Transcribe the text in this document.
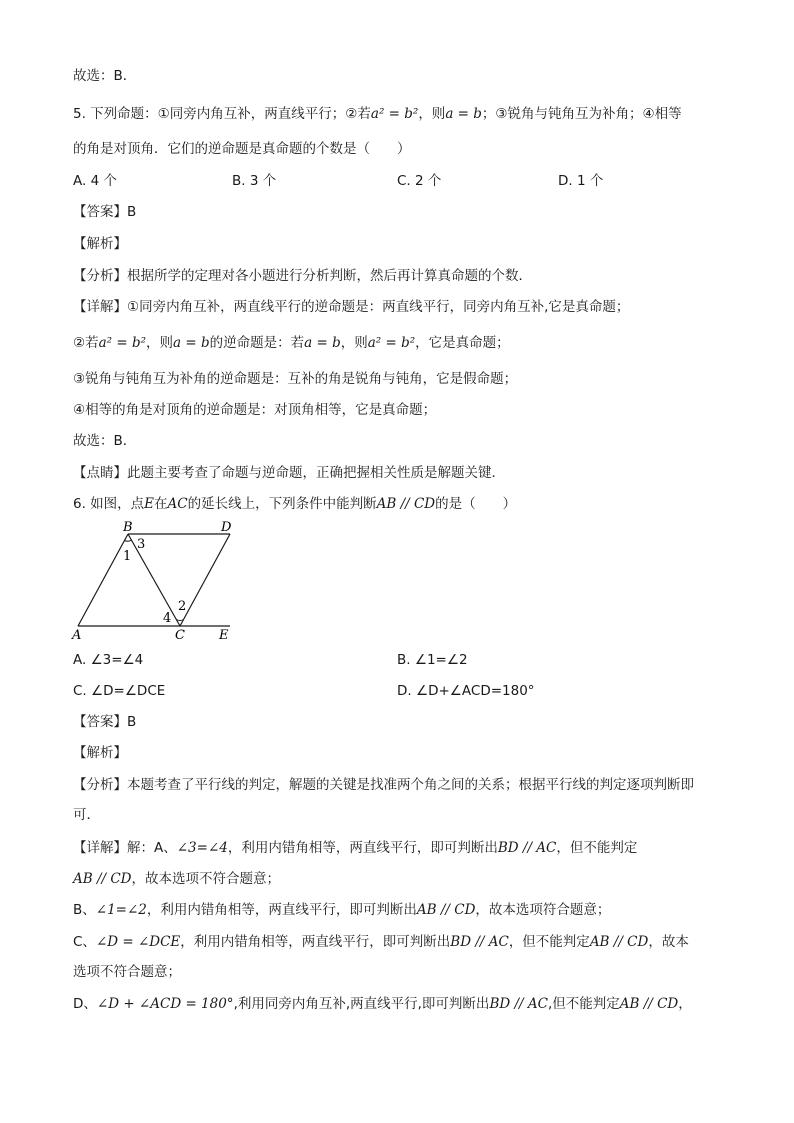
故选：B．
5. 下列命题：①同旁内角互补，两直线平行；②若a² = b²，则a = b；③锐角与钝角互为补角；④相等
的角是对顶角．它们的逆命题是真命题的个数是（　　）
A. 4 个	B. 3 个	C. 2 个	D. 1 个
【答案】B
【解析】
【分析】根据所学的定理对各小题进行分析判断，然后再计算真命题的个数．
【详解】①同旁内角互补，两直线平行的逆命题是：两直线平行，同旁内角互补,它是真命题；
②若a² = b²，则a = b的逆命题是：若a = b，则a² = b²，它是真命题；
③锐角与钝角互为补角的逆命题是：互补的角是锐角与钝角，它是假命题；
④相等的角是对顶角的逆命题是：对顶角相等，它是真命题；
故选：B．
【点睛】此题主要考查了命题与逆命题，正确把握相关性质是解题关键．
6. 如图，点E在AC的延长线上，下列条件中能判断AB // CD的是（　　）
B	D
A	C	E
3
1
2
4
A. ∠3=∠4	B. ∠1=∠2
C. ∠D=∠DCE	D. ∠D+∠ACD=180°
【答案】B
【解析】
【分析】本题考查了平行线的判定，解题的关键是找准两个角之间的关系；根据平行线的判定逐项判断即
可．
【详解】解：A、∠3=∠4，利用内错角相等，两直线平行，即可判断出BD // AC，但不能判定
AB // CD，故本选项不符合题意；
B、∠1=∠2，利用内错角相等，两直线平行，即可判断出AB // CD，故本选项符合题意；
C、∠D = ∠DCE，利用内错角相等，两直线平行，即可判断出BD // AC，但不能判定AB // CD，故本
选项不符合题意；
D、∠D + ∠ACD = 180°,利用同旁内角互补,两直线平行,即可判断出BD // AC,但不能判定AB // CD，
